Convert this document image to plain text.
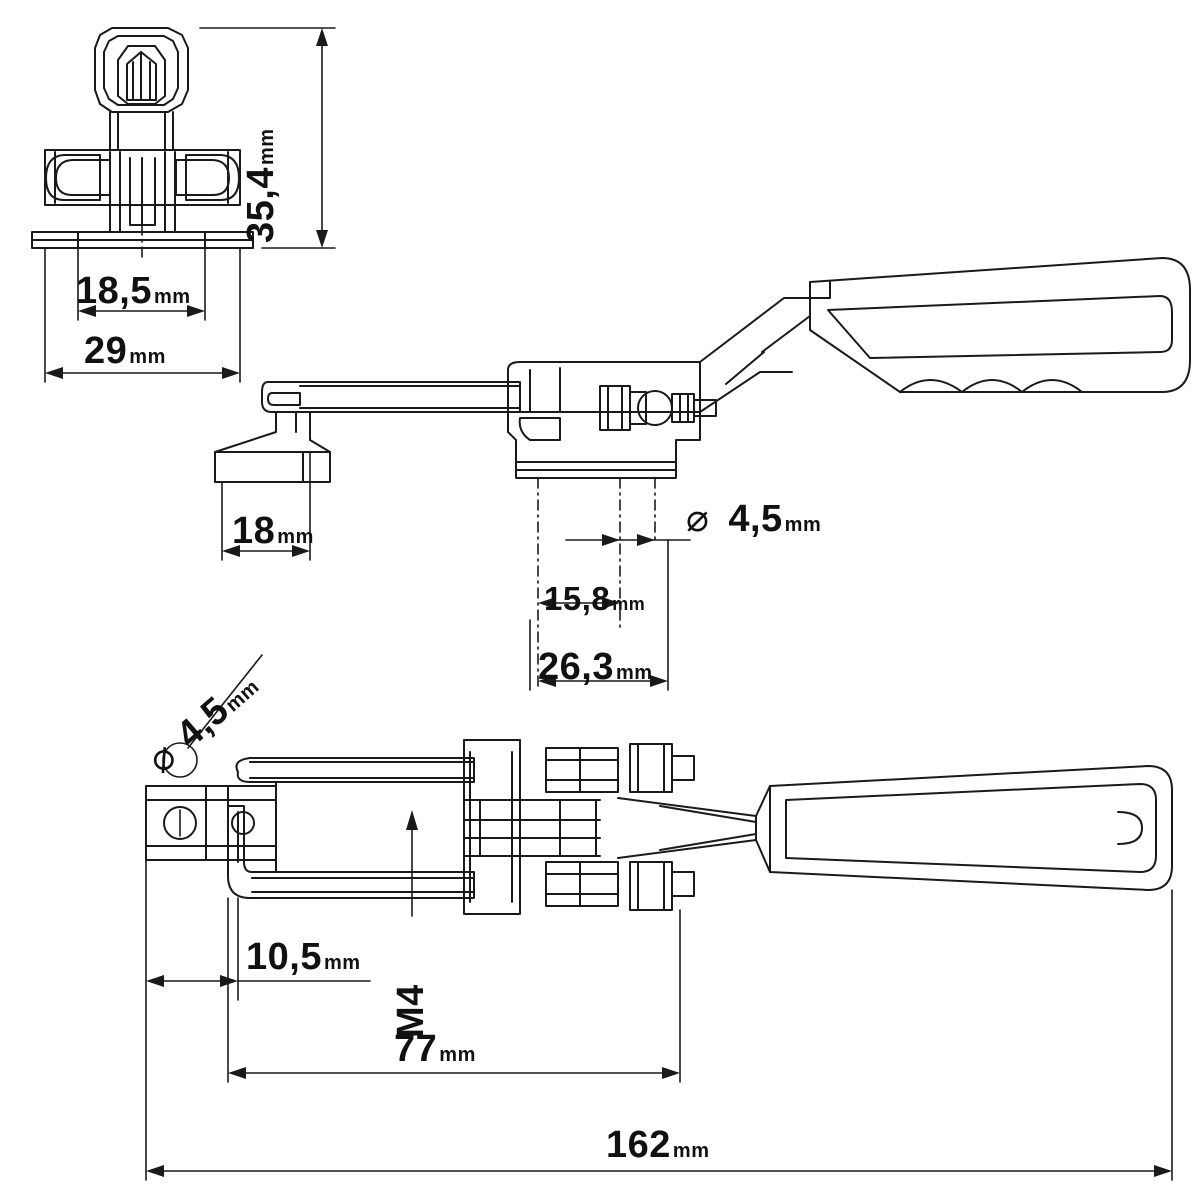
35,4mm
18,5 mm
29 mm
18 mm	⌀ 4,5 mm
15,8 mm
26,3 mm
⌀ 4,5mm
10,5 mm
M4
77 mm
162 mm
